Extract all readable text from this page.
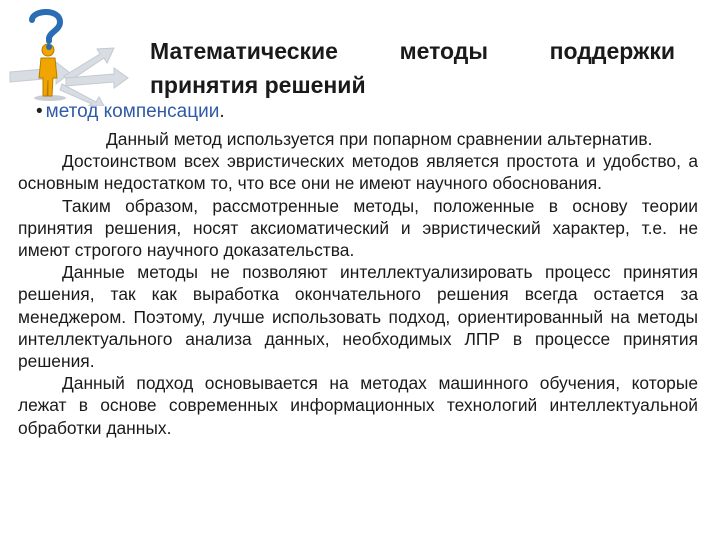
Математические	методы	поддержки
принятия решений
• метод компенсации.

Данный метод используется при попарном сравнении альтернатив.

Достоинством всех эвристических методов является простота и удобство, а основным недостатком то, что все они не имеют научного обоснования.

Таким образом, рассмотренные методы, положенные в основу теории принятия решения, носят аксиоматический и эвристический характер, т.е. не имеют строгого научного доказательства.

Данные методы не позволяют интеллектуализировать процесс принятия решения, так как выработка окончательного решения всегда остается за менеджером. Поэтому, лучше использовать подход, ориентированный на методы интеллектуального анализа данных, необходимых ЛПР в процессе принятия решения.

Данный подход основывается на методах машинного обучения, которые лежат в основе современных информационных технологий интеллектуальной обработки данных.
